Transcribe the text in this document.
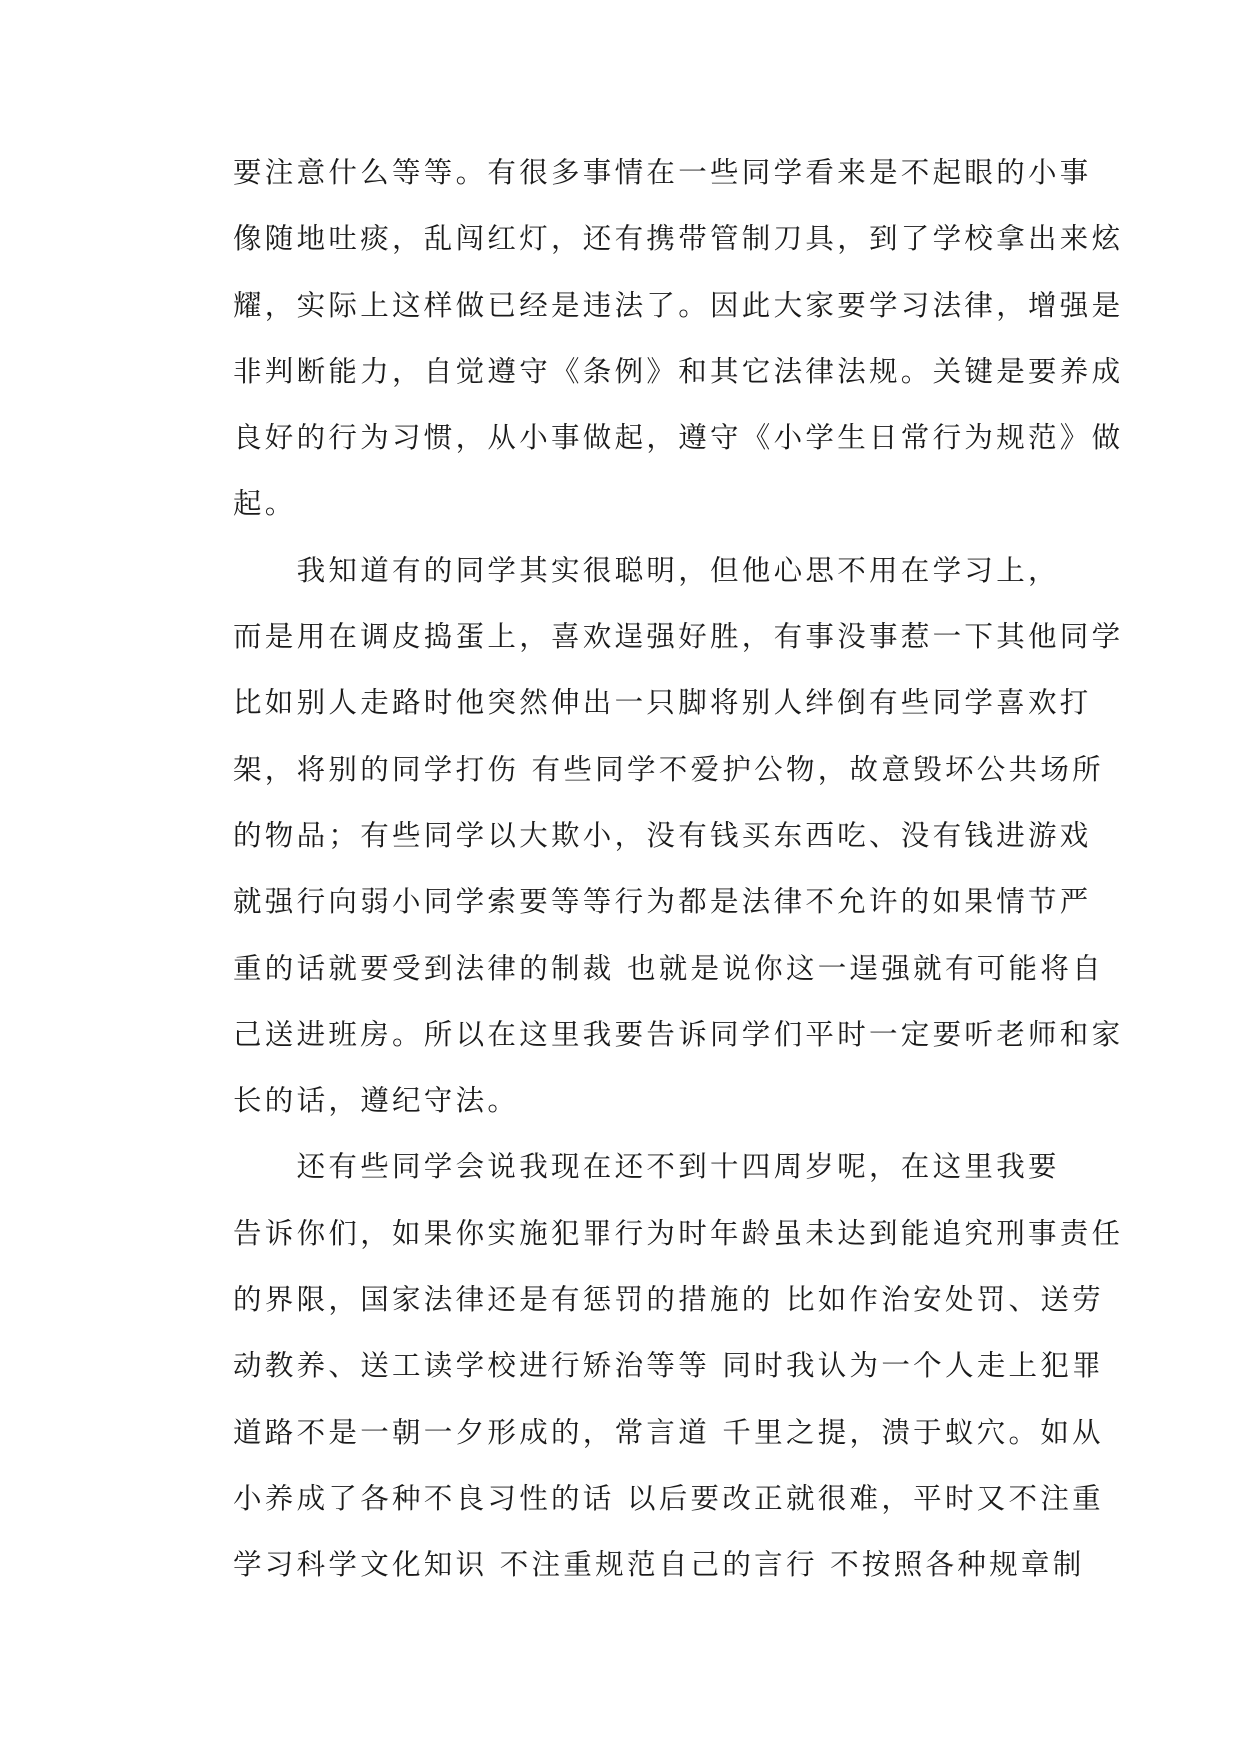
要注意什么等等。有很多事情在一些同学看来是不起眼的小事
像随地吐痰，乱闯红灯，还有携带管制刀具，到了学校拿出来炫
耀，实际上这样做已经是违法了。因此大家要学习法律，增强是
非判断能力，自觉遵守《条例》和其它法律法规。关键是要养成
良好的行为习惯，从小事做起，遵守《小学生日常行为规范》做
起。
　　我知道有的同学其实很聪明，但他心思不用在学习上，
而是用在调皮捣蛋上，喜欢逞强好胜，有事没事惹一下其他同学
比如别人走路时他突然伸出一只脚将别人绊倒有些同学喜欢打
架，将别的同学打伤 有些同学不爱护公物，故意毁坏公共场所
的物品；有些同学以大欺小，没有钱买东西吃、没有钱进游戏
就强行向弱小同学索要等等行为都是法律不允许的如果情节严
重的话就要受到法律的制裁 也就是说你这一逞强就有可能将自
己送进班房。所以在这里我要告诉同学们平时一定要听老师和家
长的话，遵纪守法。
　　还有些同学会说我现在还不到十四周岁呢，在这里我要
告诉你们，如果你实施犯罪行为时年龄虽未达到能追究刑事责任
的界限，国家法律还是有惩罚的措施的 比如作治安处罚、送劳
动教养、送工读学校进行矫治等等 同时我认为一个人走上犯罪
道路不是一朝一夕形成的，常言道 千里之提，溃于蚁穴。如从
小养成了各种不良习性的话 以后要改正就很难，平时又不注重
学习科学文化知识 不注重规范自己的言行 不按照各种规章制
